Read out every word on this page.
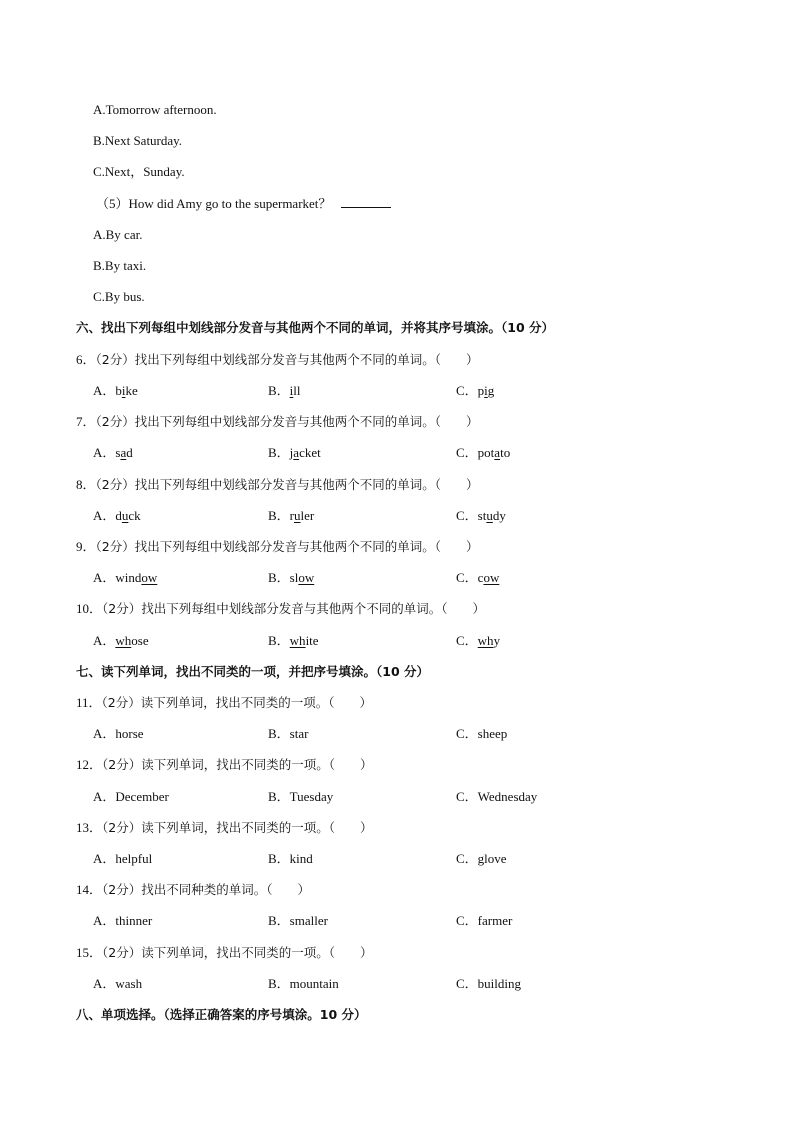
A.Tomorrow afternoon.
B.Next Saturday.
C.Next，Sunday.
（5）How did Amy go to the supermarket？
A.By car.
B.By taxi.
C.By bus.
六、找出下列每组中划线部分发音与其他两个不同的单词，并将其序号填涂。（10 分）
6．（2分）找出下列每组中划线部分发音与其他两个不同的单词。（　　）
A．bike	B．ill	C．pig
7．（2分）找出下列每组中划线部分发音与其他两个不同的单词。（　　）
A．sad	B．jacket	C．potato
8．（2分）找出下列每组中划线部分发音与其他两个不同的单词。（　　）
A．duck	B．ruler	C．study
9．（2分）找出下列每组中划线部分发音与其他两个不同的单词。（　　）
A．window	B．slow	C．cow
10．（2分）找出下列每组中划线部分发音与其他两个不同的单词。（　　）
A．whose	B．white	C．why
七、读下列单词，找出不同类的一项，并把序号填涂。（10 分）
11．（2分）读下列单词，找出不同类的一项。（　　）
A．horse	B．star	C．sheep
12．（2分）读下列单词，找出不同类的一项。（　　）
A．December	B．Tuesday	C．Wednesday
13．（2分）读下列单词，找出不同类的一项。（　　）
A．helpful	B．kind	C．glove
14．（2分）找出不同种类的单词。（　　）
A．thinner	B．smaller	C．farmer
15．（2分）读下列单词，找出不同类的一项。（　　）
A．wash	B．mountain	C．building
八、单项选择。（选择正确答案的序号填涂。10 分）
